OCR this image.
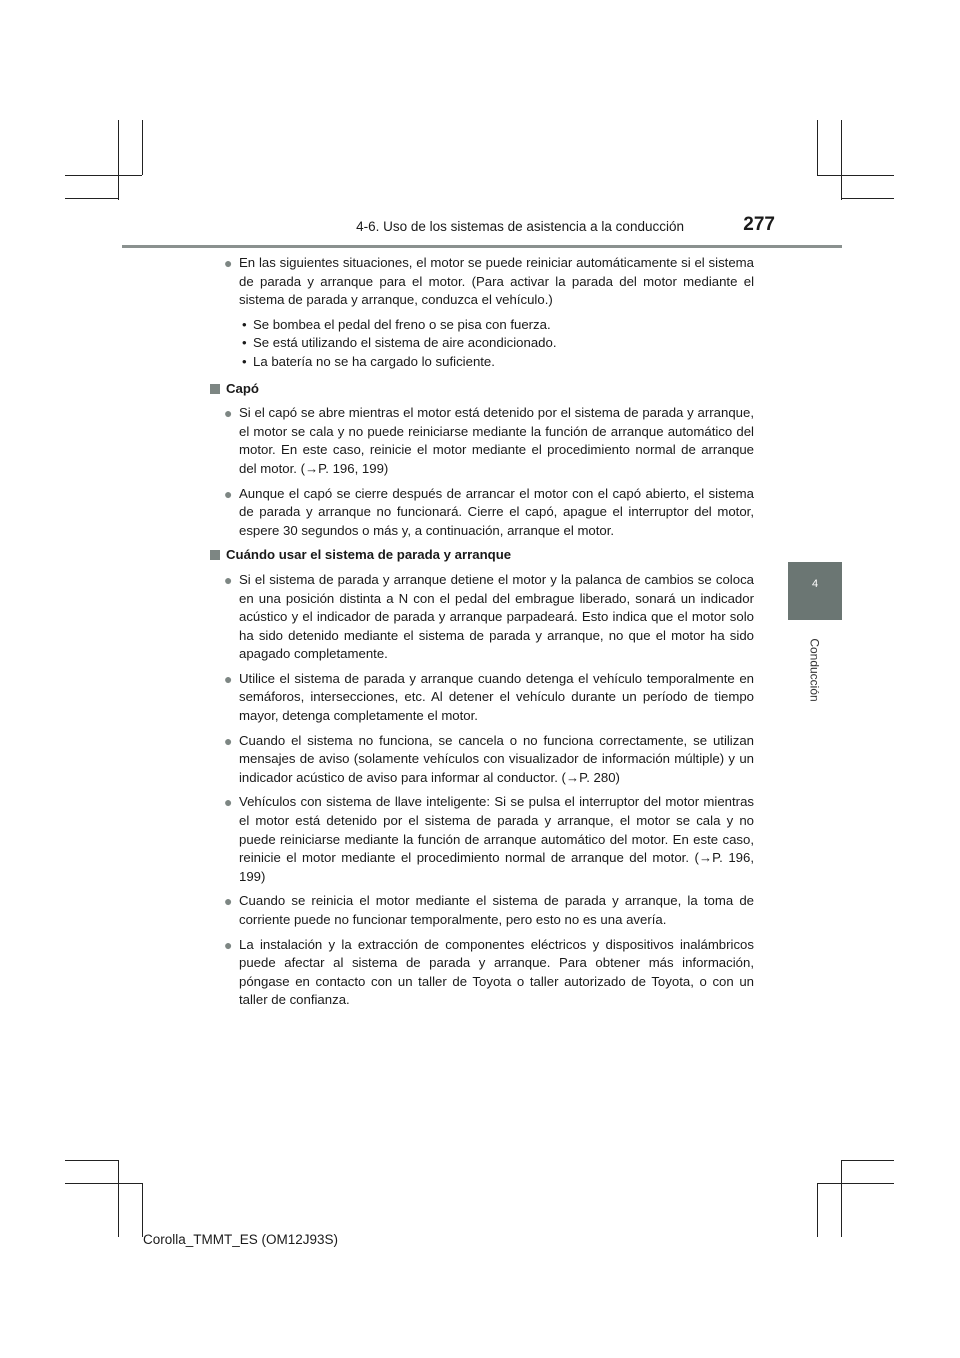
4-6. Uso de los sistemas de asistencia a la conducción	277
4
Conducción

● En las siguientes situaciones, el motor se puede reiniciar automáticamente si el sistema de parada y arranque para el motor. (Para activar la parada del motor mediante el sistema de parada y arranque, conduzca el vehículo.)

• Se bombea el pedal del freno o se pisa con fuerza.

• Se está utilizando el sistema de aire acondicionado.

• La batería no se ha cargado lo suficiente.

Capó

● Si el capó se abre mientras el motor está detenido por el sistema de parada y arranque, el motor se cala y no puede reiniciarse mediante la función de arranque automático del motor. En este caso, reinicie el motor mediante el procedimiento normal de arranque del motor. (→P. 196, 199)

● Aunque el capó se cierre después de arrancar el motor con el capó abierto, el sistema de parada y arranque no funcionará. Cierre el capó, apague el interruptor del motor, espere 30 segundos o más y, a continuación, arranque el motor.

Cuándo usar el sistema de parada y arranque

● Si el sistema de parada y arranque detiene el motor y la palanca de cambios se coloca en una posición distinta a N con el pedal del embrague liberado, sonará un indicador acústico y el indicador de parada y arranque parpadeará. Esto indica que el motor solo ha sido detenido mediante el sistema de parada y arranque, no que el motor ha sido apagado completamente.

● Utilice el sistema de parada y arranque cuando detenga el vehículo temporalmente en semáforos, intersecciones, etc. Al detener el vehículo durante un período de tiempo mayor, detenga completamente el motor.

● Cuando el sistema no funciona, se cancela o no funciona correctamente, se utilizan mensajes de aviso (solamente vehículos con visualizador de información múltiple) y un indicador acústico de aviso para informar al conductor. (→P. 280)

● Vehículos con sistema de llave inteligente: Si se pulsa el interruptor del motor mientras el motor está detenido por el sistema de parada y arranque, el motor se cala y no puede reiniciarse mediante la función de arranque automático del motor. En este caso, reinicie el motor mediante el procedimiento normal de arranque del motor. (→P. 196, 199)

● Cuando se reinicia el motor mediante el sistema de parada y arranque, la toma de corriente puede no funcionar temporalmente, pero esto no es una avería.

● La instalación y la extracción de componentes eléctricos y dispositivos inalámbricos puede afectar al sistema de parada y arranque. Para obtener más información, póngase en contacto con un taller de Toyota o taller autorizado de Toyota, o con un taller de confianza.

Corolla_TMMT_ES (OM12J93S)
